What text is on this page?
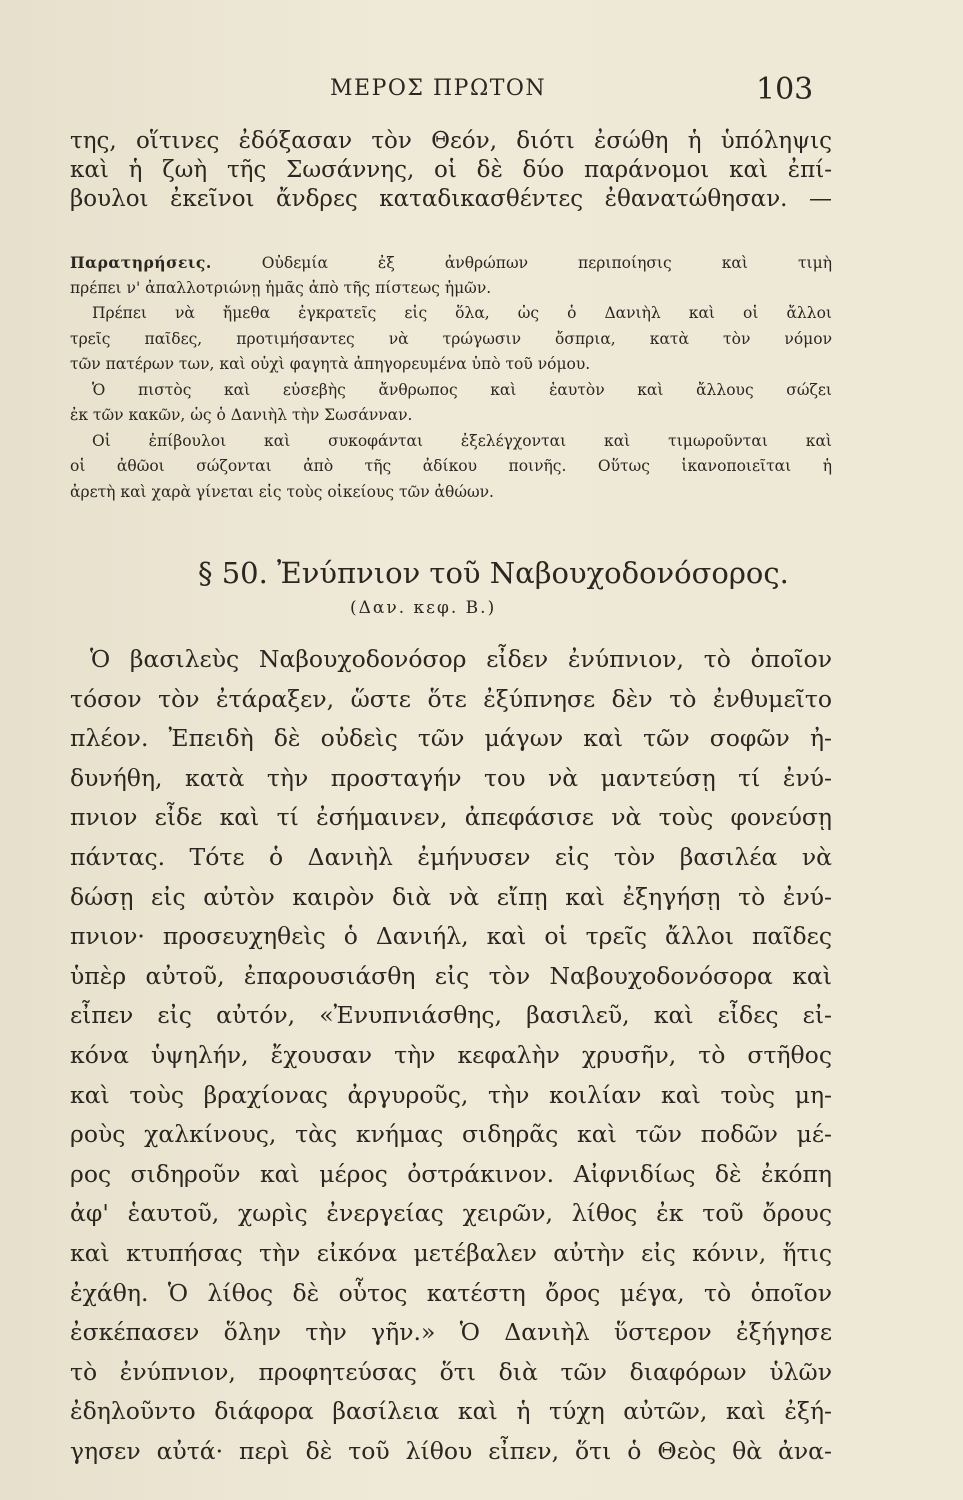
ΜΕΡΟΣ ΠΡΩΤΟΝ	103
της, οἵτινες ἐδόξασαν τὸν Θεόν, διότι ἐσώθη ἡ ὑπόληψις
καὶ ἡ ζωὴ τῆς Σωσάννης, οἱ δὲ δύο παράνομοι καὶ ἐπί-
βουλοι ἐκεῖνοι ἄνδρες καταδικασθέντες ἐθανατώθησαν. —
Παρατηρήσεις.	Οὐδεμία ἐξ ἀνθρώπων περιποίησις καὶ τιμὴ
πρέπει ν' ἀπαλλοτριώνῃ ἡμᾶς ἀπὸ τῆς πίστεως ἡμῶν.
Πρέπει νὰ ἤμεθα ἐγκρατεῖς εἰς ὅλα, ὡς ὁ Δανιὴλ καὶ οἱ ἄλλοι
τρεῖς παῖδες, προτιμήσαντες νὰ τρώγωσιν ὄσπρια, κατὰ τὸν νόμον
τῶν πατέρων των, καὶ οὐχὶ φαγητὰ ἀπηγορευμένα ὑπὸ τοῦ νόμου.
Ὁ πιστὸς καὶ εὐσεβὴς ἄνθρωπος καὶ ἑαυτὸν καὶ ἄλλους σώζει
ἐκ τῶν κακῶν, ὡς ὁ Δανιὴλ τὴν Σωσάνναν.
Οἱ ἐπίβουλοι καὶ συκοφάνται ἐξελέγχονται καὶ τιμωροῦνται καὶ
οἱ ἀθῶοι σώζονται ἀπὸ τῆς ἀδίκου ποινῆς. Οὕτως ἱκανοποιεῖται ἡ
ἀρετὴ καὶ χαρὰ γίνεται εἰς τοὺς οἰκείους τῶν ἀθώων.
§ 50. Ἐνύπνιον τοῦ Ναβουχοδονόσορος.
(Δαν. κεφ. Β.)
Ὁ βασιλεὺς Ναβουχοδονόσορ εἶδεν ἐνύπνιον, τὸ ὁποῖον
τόσον τὸν ἐτάραξεν, ὥστε ὅτε ἐξύπνησε δὲν τὸ ἐνθυμεῖτο
πλέον. Ἐπειδὴ δὲ οὐδεὶς τῶν μάγων καὶ τῶν σοφῶν ἠ-
δυνήθη, κατὰ τὴν προσταγήν του νὰ μαντεύσῃ τί ἐνύ-
πνιον εἶδε καὶ τί ἐσήμαινεν, ἀπεφάσισε νὰ τοὺς φονεύσῃ
πάντας. Τότε ὁ Δανιὴλ ἐμήνυσεν εἰς τὸν βασιλέα νὰ
δώσῃ εἰς αὐτὸν καιρὸν διὰ νὰ εἴπῃ καὶ ἐξηγήσῃ τὸ ἐνύ-
πνιον· προσευχηθεὶς ὁ Δανιήλ, καὶ οἱ τρεῖς ἄλλοι παῖδες
ὑπὲρ αὐτοῦ, ἐπαρουσιάσθη εἰς τὸν Ναβουχοδονόσορα καὶ
εἶπεν εἰς αὐτόν, «Ἐνυπνιάσθης, βασιλεῦ, καὶ εἶδες εἰ-
κόνα ὑψηλήν, ἔχουσαν τὴν κεφαλὴν χρυσῆν, τὸ στῆθος
καὶ τοὺς βραχίονας ἀργυροῦς, τὴν κοιλίαν καὶ τοὺς μη-
ροὺς χαλκίνους, τὰς κνήμας σιδηρᾶς καὶ τῶν ποδῶν μέ-
ρος σιδηροῦν καὶ μέρος ὀστράκινον. Αἰφνιδίως δὲ ἐκόπη
ἀφ' ἑαυτοῦ, χωρὶς ἐνεργείας χειρῶν, λίθος ἐκ τοῦ ὄρους
καὶ κτυπήσας τὴν εἰκόνα μετέβαλεν αὐτὴν εἰς κόνιν, ἥτις
ἐχάθη. Ὁ λίθος δὲ οὗτος κατέστη ὄρος μέγα, τὸ ὁποῖον
ἐσκέπασεν ὅλην τὴν γῆν.» Ὁ Δανιὴλ ὕστερον ἐξήγησε
τὸ ἐνύπνιον, προφητεύσας ὅτι διὰ τῶν διαφόρων ὑλῶν
ἐδηλοῦντο διάφορα βασίλεια καὶ ἡ τύχη αὐτῶν, καὶ ἐξή-
γησεν αὐτά· περὶ δὲ τοῦ λίθου εἶπεν, ὅτι ὁ Θεὸς θὰ ἀνα-
